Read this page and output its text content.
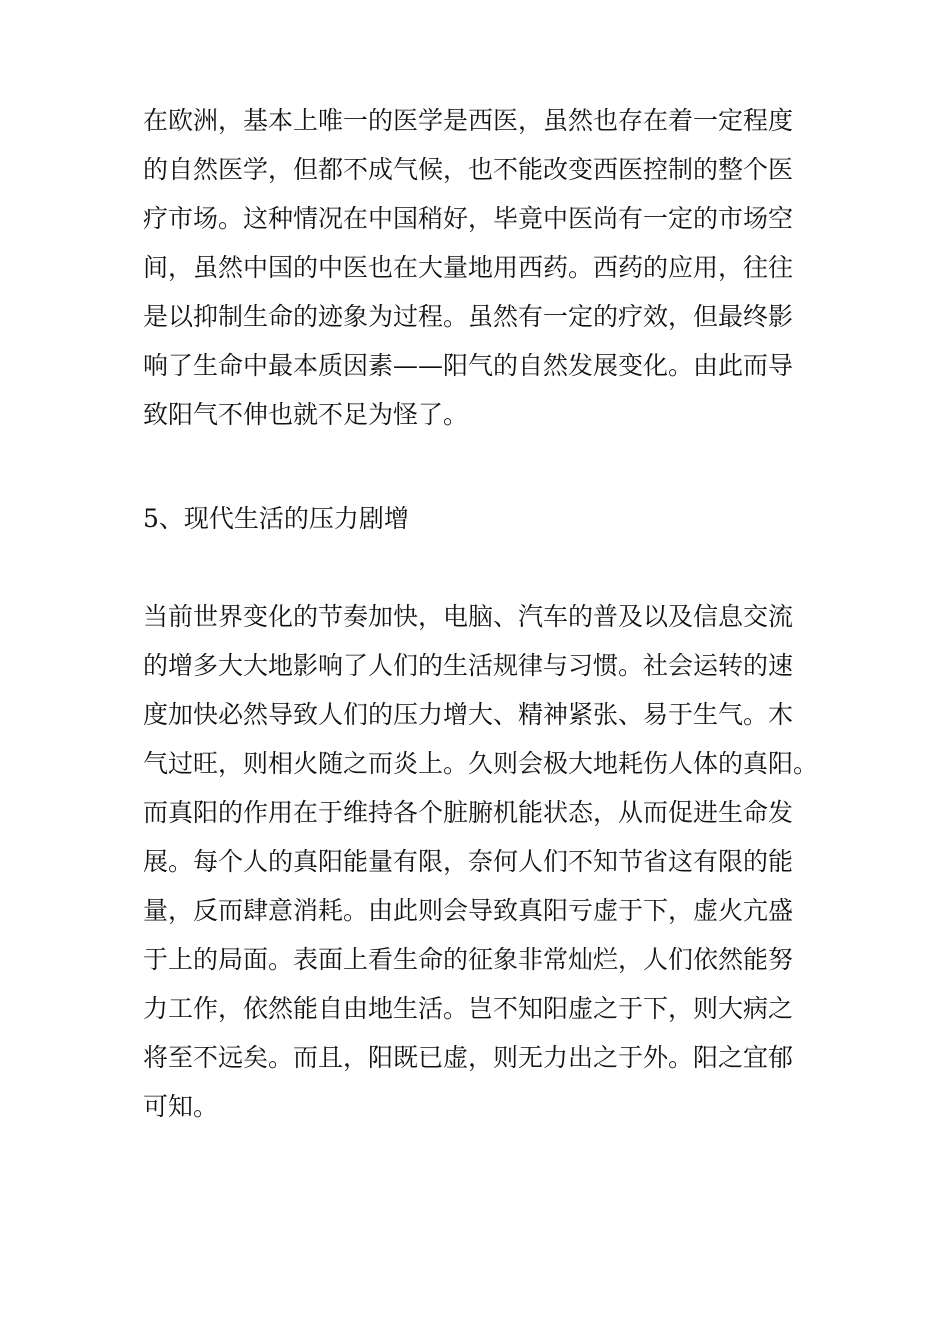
在欧洲，基本上唯一的医学是西医，虽然也存在着一定程度
的自然医学，但都不成气候，也不能改变西医控制的整个医
疗市场。这种情况在中国稍好，毕竟中医尚有一定的市场空
间，虽然中国的中医也在大量地用西药。西药的应用，往往
是以抑制生命的迹象为过程。虽然有一定的疗效，但最终影
响了生命中最本质因素——阳气的自然发展变化。由此而导
致阳气不伸也就不足为怪了。
5、现代生活的压力剧增
当前世界变化的节奏加快，电脑、汽车的普及以及信息交流
的增多大大地影响了人们的生活规律与习惯。社会运转的速
度加快必然导致人们的压力增大、精神紧张、易于生气。木
气过旺，则相火随之而炎上。久则会极大地耗伤人体的真阳。
而真阳的作用在于维持各个脏腑机能状态，从而促进生命发
展。每个人的真阳能量有限，奈何人们不知节省这有限的能
量，反而肆意消耗。由此则会导致真阳亏虚于下，虚火亢盛
于上的局面。表面上看生命的征象非常灿烂，人们依然能努
力工作，依然能自由地生活。岂不知阳虚之于下，则大病之
将至不远矣。而且，阳既已虚，则无力出之于外。阳之宜郁
可知。
